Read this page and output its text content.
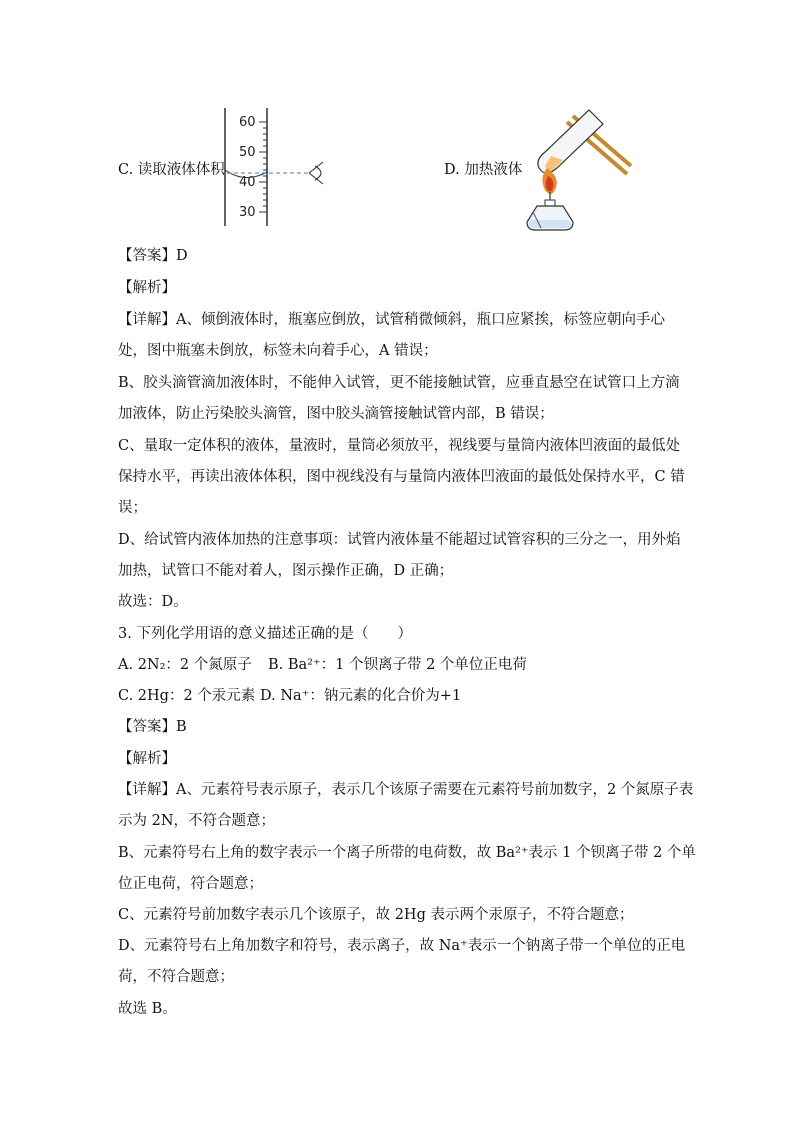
C. 读取液体体积
60
50
40
30
D. 加热液体
【答案】D
【解析】
【详解】A、倾倒液体时，瓶塞应倒放，试管稍微倾斜，瓶口应紧挨，标签应朝向手心
处，图中瓶塞未倒放，标签未向着手心，A 错误；
B、胶头滴管滴加液体时，不能伸入试管，更不能接触试管，应垂直悬空在试管口上方滴
加液体，防止污染胶头滴管，图中胶头滴管接触试管内部，B 错误；
C、量取一定体积的液体，量液时，量筒必须放平，视线要与量筒内液体凹液面的最低处
保持水平，再读出液体体积，图中视线没有与量筒内液体凹液面的最低处保持水平，C 错
误；
D、给试管内液体加热的注意事项：试管内液体量不能超过试管容积的三分之一，用外焰
加热，试管口不能对着人，图示操作正确，D 正确；
故选：D。
3. 下列化学用语的意义描述正确的是（　　）
A. 2N₂：2 个氮原子 B. Ba²⁺：1 个钡离子带 2 个单位正电荷
C. 2Hg：2 个汞元素 D. Na⁺：钠元素的化合价为+1
【答案】B
【解析】
【详解】A、元素符号表示原子，表示几个该原子需要在元素符号前加数字，2 个氮原子表
示为 2N，不符合题意；
B、元素符号右上角的数字表示一个离子所带的电荷数，故 Ba²⁺表示 1 个钡离子带 2 个单
位正电荷，符合题意；
C、元素符号前加数字表示几个该原子，故 2Hg 表示两个汞原子，不符合题意；
D、元素符号右上角加数字和符号，表示离子，故 Na⁺表示一个钠离子带一个单位的正电
荷，不符合题意；
故选 B。
